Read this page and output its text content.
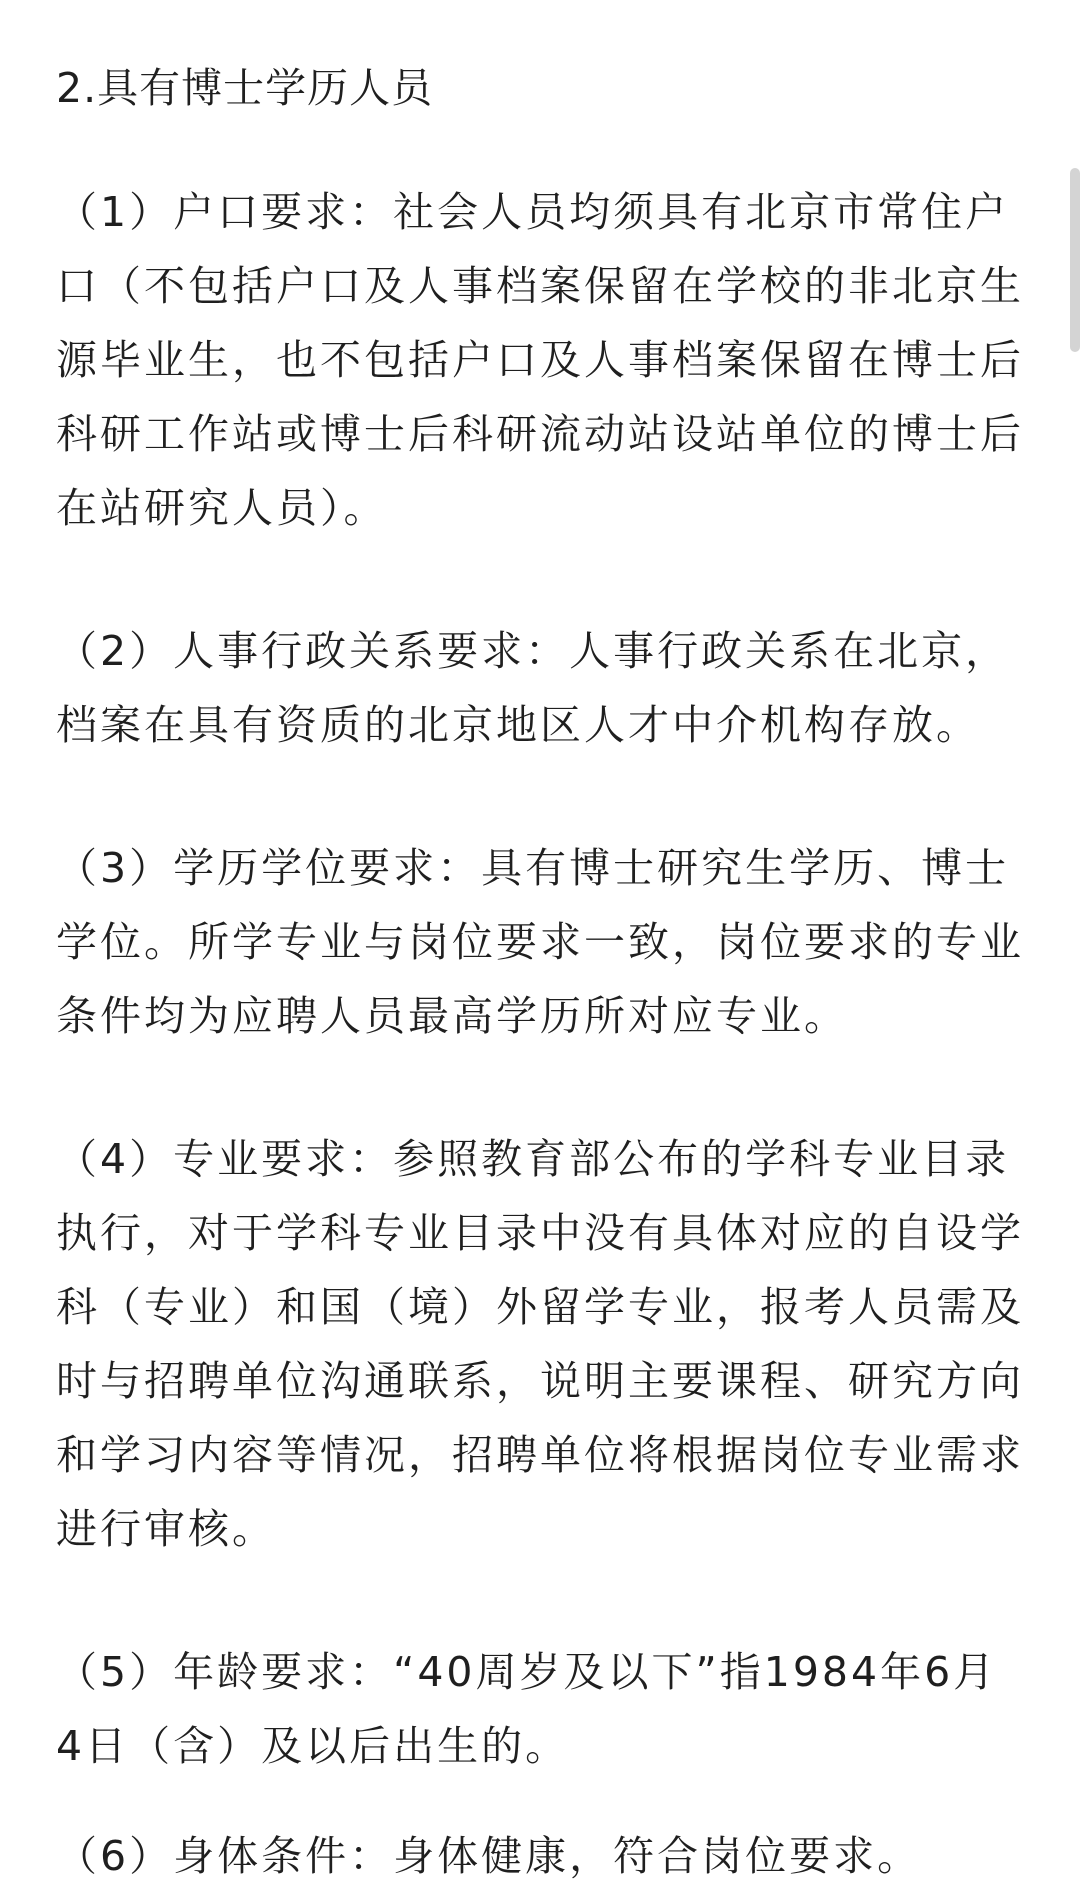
2.具有博士学历人员
（1）户口要求：社会人员均须具有北京市常住户口（不包括户口及人事档案保留在学校的非北京生源毕业生，也不包括户口及人事档案保留在博士后科研工作站或博士后科研流动站设站单位的博士后在站研究人员）。
（2）人事行政关系要求：人事行政关系在北京，档案在具有资质的北京地区人才中介机构存放。
（3）学历学位要求：具有博士研究生学历、博士学位。所学专业与岗位要求一致，岗位要求的专业条件均为应聘人员最高学历所对应专业。
（4）专业要求：参照教育部公布的学科专业目录执行，对于学科专业目录中没有具体对应的自设学科（专业）和国（境）外留学专业，报考人员需及时与招聘单位沟通联系，说明主要课程、研究方向和学习内容等情况，招聘单位将根据岗位专业需求进行审核。
（5）年龄要求：“40周岁及以下”指1984年6月4日（含）及以后出生的。
（6）身体条件：身体健康，符合岗位要求。
